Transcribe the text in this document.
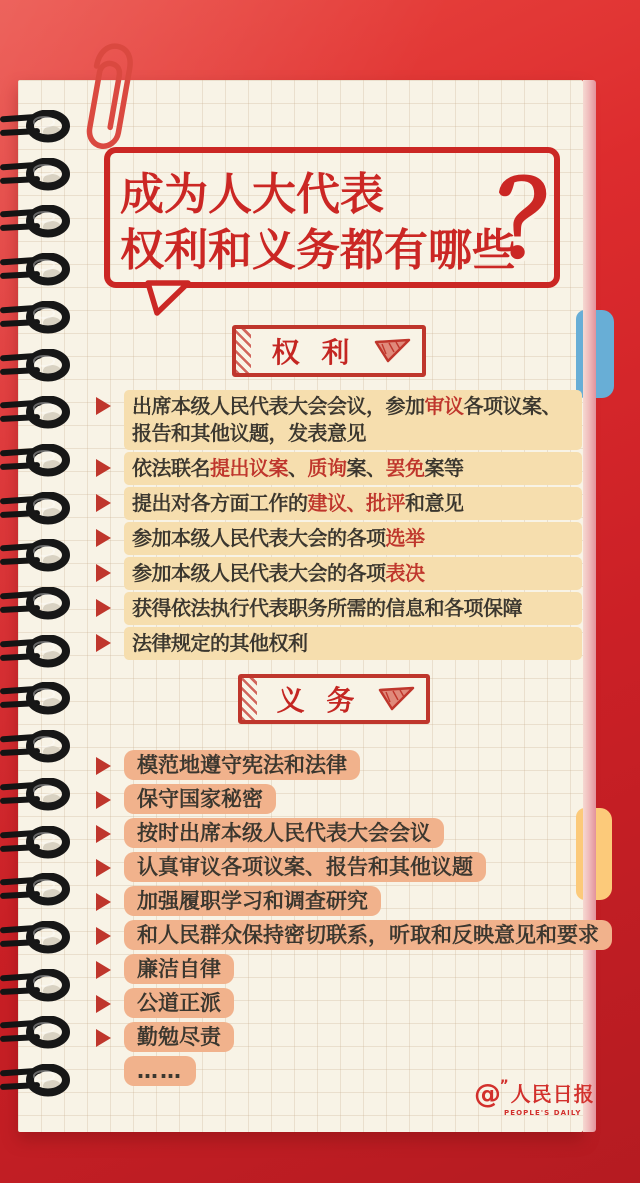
成为人大代表
权利和义务都有哪些
？
权 利
义 务
出席本级人民代表大会会议，参加审议各项议案、
报告和其他议题，发表意见
依法联名提出议案、质询案、罢免案等
提出对各方面工作的建议、批评和意见
参加本级人民代表大会的各项选举
参加本级人民代表大会的各项表决
获得依法执行代表职务所需的信息和各项保障
法律规定的其他权利
模范地遵守宪法和法律
保守国家秘密
按时出席本级人民代表大会会议
认真审议各项议案、报告和其他议题
加强履职学习和调查研究
和人民群众保持密切联系，听取和反映意见和要求
廉洁自律
公道正派
勤勉尽责
……
@ ’’ 人民日报
PEOPLE'S DAILY
